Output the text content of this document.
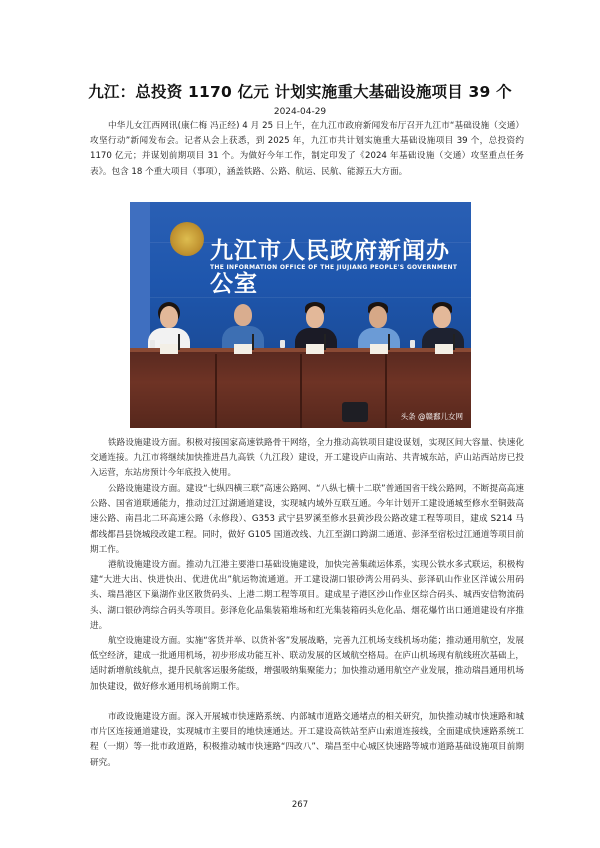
九江：总投资 1170 亿元 计划实施重大基础设施项目 39 个
2024-04-29

中华儿女江西网讯(康仁梅 冯正经) 4 月 25 日上午，在九江市政府新闻发布厅召开九江市“基础设施（交通）攻坚行动”新闻发布会。记者从会上获悉，到 2025 年，九江市共计划实施重大基础设施项目 39 个，总投资约 1170 亿元；并谋划前期项目 31 个。为做好今年工作，制定印发了《2024 年基础设施（交通）攻坚重点任务表》。包含 18 个重大项目（事项），涵盖铁路、公路、航运、民航、能源五大方面。

九江市人民政府新闻办公室
THE INFORMATION OFFICE OF THE JIUJIANG PEOPLE'S GOVERNMENT
头条 @赣鄱儿女网

铁路设施建设方面。积极对接国家高速铁路骨干网络，全力推动高铁项目建设谋划，实现区间大容量、快速化交通连接。九江市将继续加快推进昌九高铁（九江段）建设，开工建设庐山南站、共青城东站，庐山站西站房已投入运营，东站房预计今年底投入使用。

公路设施建设方面。建设“七纵四横三联”高速公路网、“八纵七横十二联”普通国省干线公路网，不断提高高速公路、国省道联通能力，推动过江过湖通道建设，实现城内域外互联互通。今年计划开工建设通城至修水至铜鼓高速公路、南昌北二环高速公路（永修段）、G353 武宁县罗溪至修水县黄沙段公路改建工程等项目，建成 S214 马都线都昌县饶城段改建工程。同时，做好 G105 国道改线、九江至湖口跨湖二通道、彭泽至宿松过江通道等项目前期工作。

港航设施建设方面。推动九江港主要港口基础设施建设，加快完善集疏运体系，实现公铁水多式联运，积极构建“大进大出、快进快出、优进优出”航运物流通道。开工建设湖口银砂湾公用码头、彭泽矶山作业区洋诚公用码头、瑞昌港区下巢湖作业区散货码头、上港二期工程等项目。建成星子港区沙山作业区综合码头、城西安信物流码头、湖口银砂湾综合码头等项目。彭泽危化品集装箱堆场和红光集装箱码头危化品、烟花爆竹出口通道建设有序推进。

航空设施建设方面。实施“客货并举、以货补客”发展战略，完善九江机场支线机场功能；推动通用航空，发展低空经济，建成一批通用机场，初步形成功能互补、联动发展的区域航空格局。在庐山机场现有航线班次基础上，适时新增航线航点，提升民航客运服务能级，增强吸纳集聚能力；加快推动通用航空产业发展，推动瑞昌通用机场加快建设，做好修水通用机场前期工作。

市政设施建设方面。深入开展城市快速路系统、内部城市道路交通堵点的相关研究，加快推动城市快速路和城市片区连接通道建设，实现城市主要目的地快速通达。开工建设高铁站至庐山索道连接线，全面建成快速路系统工程（一期）等一批市政道路，积极推动城市快速路“四改八”、瑞昌至中心城区快速路等城市道路基础设施项目前期研究。

267
